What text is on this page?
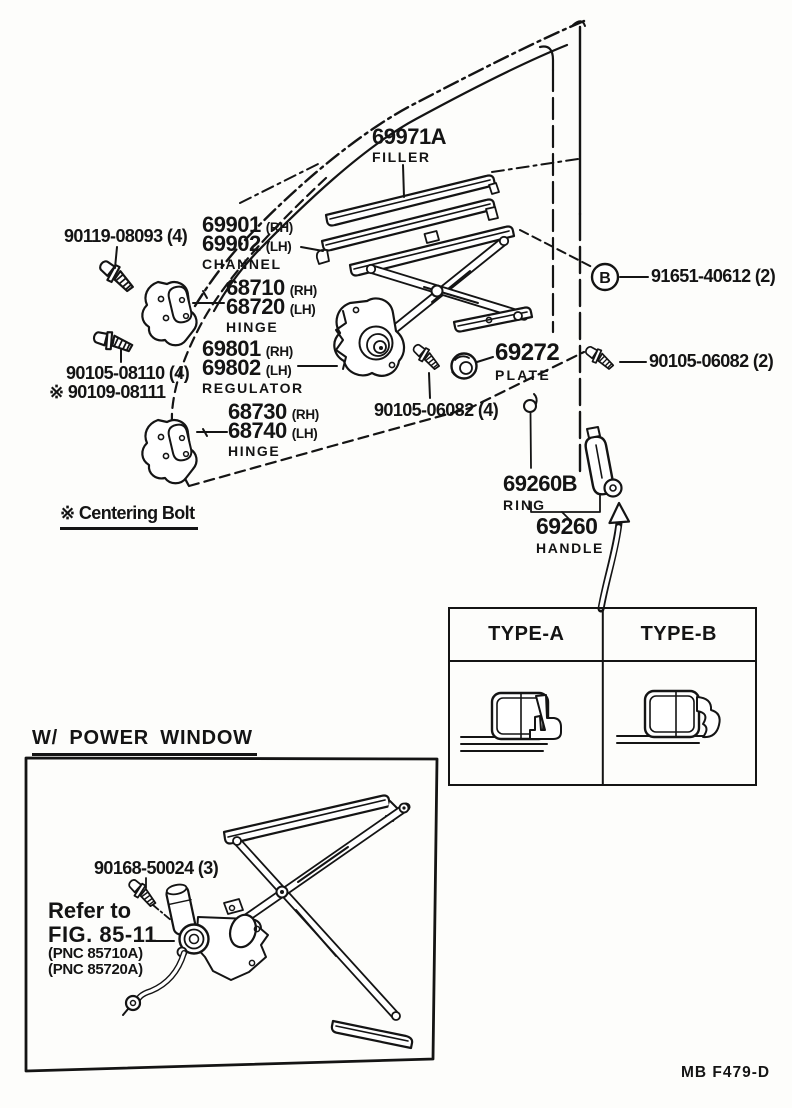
B
69971A
FILLER
90119-08093 (4) 69901 (RH)
69902 (LH)
CHANNEL
68710 (RH)
68720 (LH)
HINGE
69801 (RH)
69802 (LH)
REGULATOR
90105-08110 (4)
※ 90109-08111
68730 (RH)
68740 (LH)
HINGE
90105-06082 (4)
69272
PLATE
91651-40612 (2)
90105-06082 (2)
69260B
RING
69260
HANDLE
※ Centering Bolt
TYPE-A	TYPE-B
W/ POWER WINDOW
90168-50024 (3)
Refer to
FIG. 85-11
(PNC 85710A)
(PNC 85720A)
MB F479-D
